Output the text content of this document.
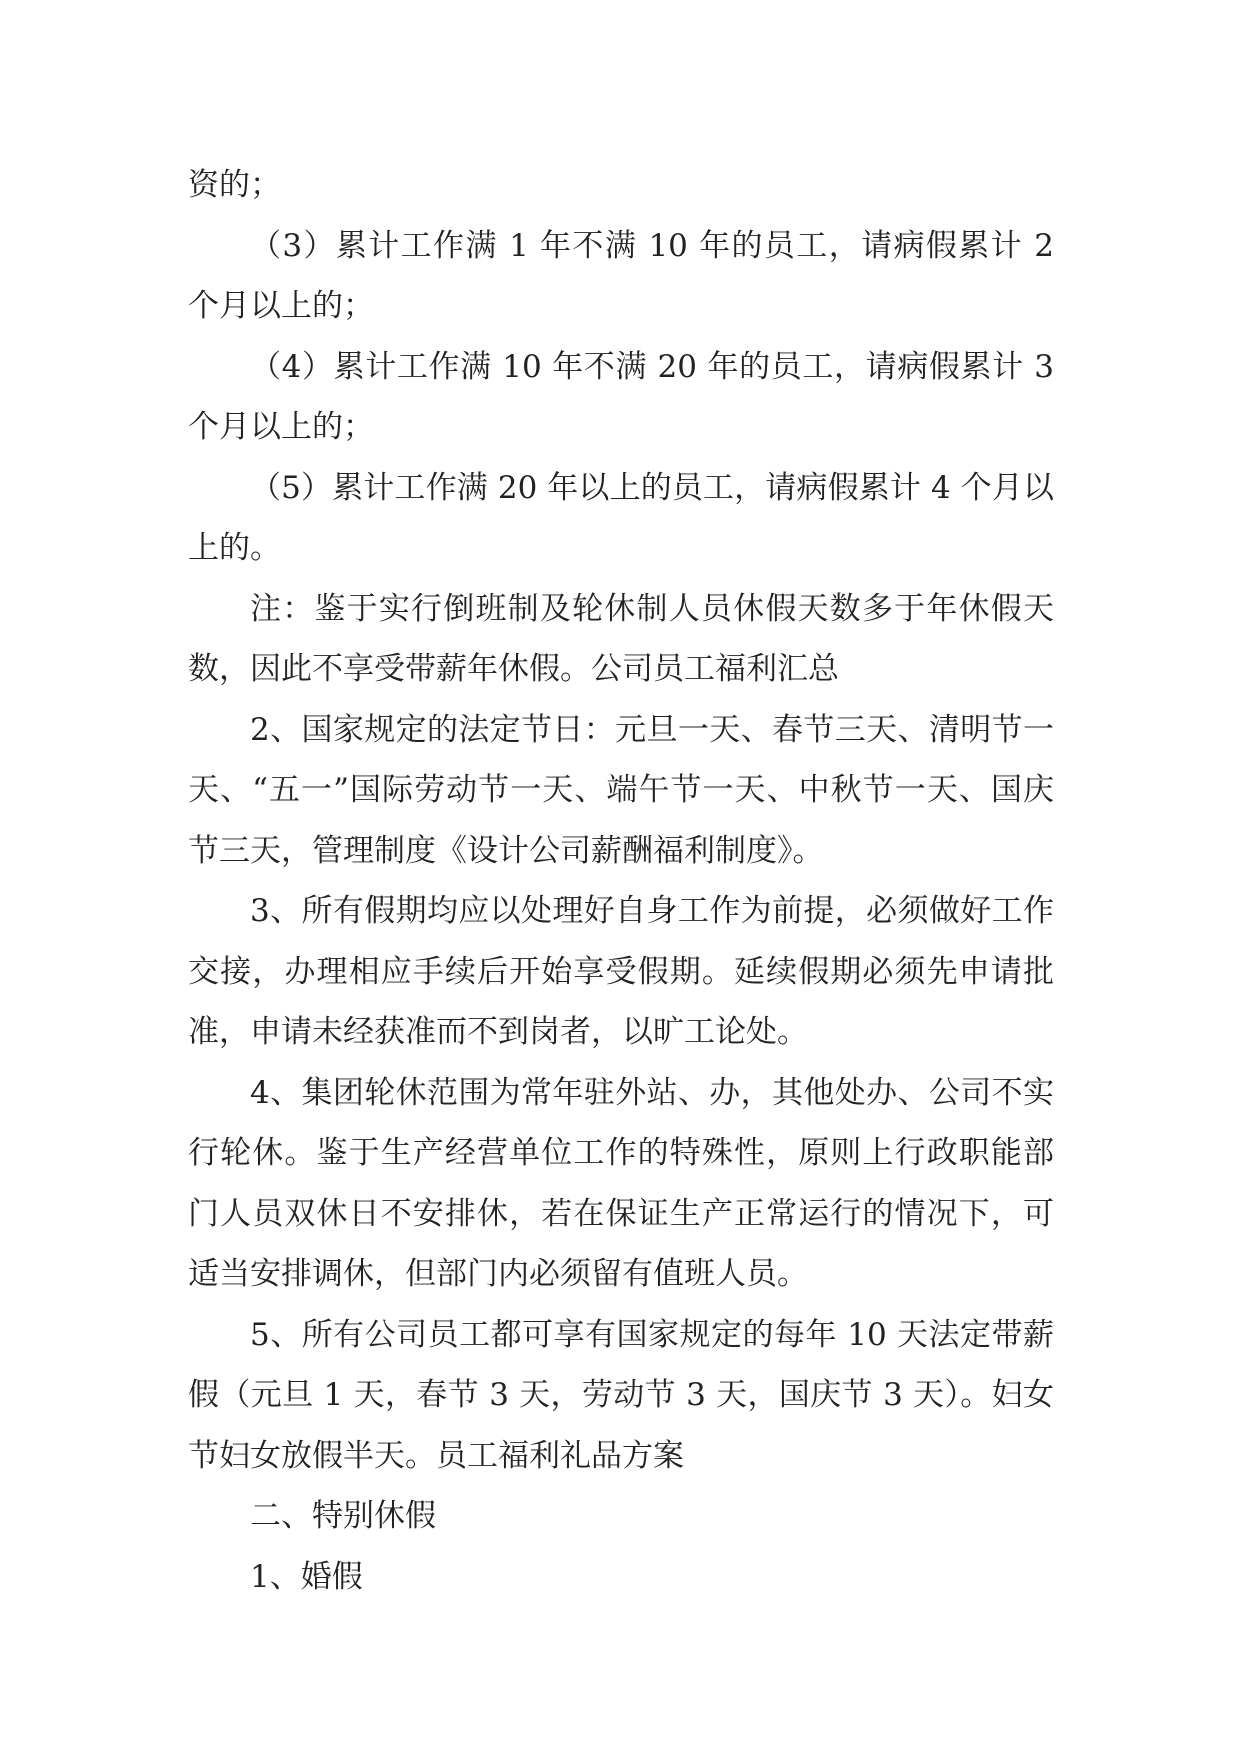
资的；

（3）累计工作满 1 年不满 10 年的员工，请病假累计 2 个月以上的；

（4）累计工作满 10 年不满 20 年的员工，请病假累计 3 个月以上的；

（5）累计工作满 20 年以上的员工，请病假累计 4 个月以上的。

注：鉴于实行倒班制及轮休制人员休假天数多于年休假天数，因此不享受带薪年休假。公司员工福利汇总

2、国家规定的法定节日：元旦一天、春节三天、清明节一天、“五一”国际劳动节一天、端午节一天、中秋节一天、国庆节三天，管理制度《设计公司薪酬福利制度》。

3、所有假期均应以处理好自身工作为前提，必须做好工作交接，办理相应手续后开始享受假期。延续假期必须先申请批准，申请未经获准而不到岗者，以旷工论处。

4、集团轮休范围为常年驻外站、办，其他处办、公司不实行轮休。鉴于生产经营单位工作的特殊性，原则上行政职能部门人员双休日不安排休，若在保证生产正常运行的情况下，可适当安排调休，但部门内必须留有值班人员。

5、所有公司员工都可享有国家规定的每年 10 天法定带薪假（元旦 1 天，春节 3 天，劳动节 3 天，国庆节 3 天）。妇女节妇女放假半天。员工福利礼品方案

二、特别休假

1、婚假
